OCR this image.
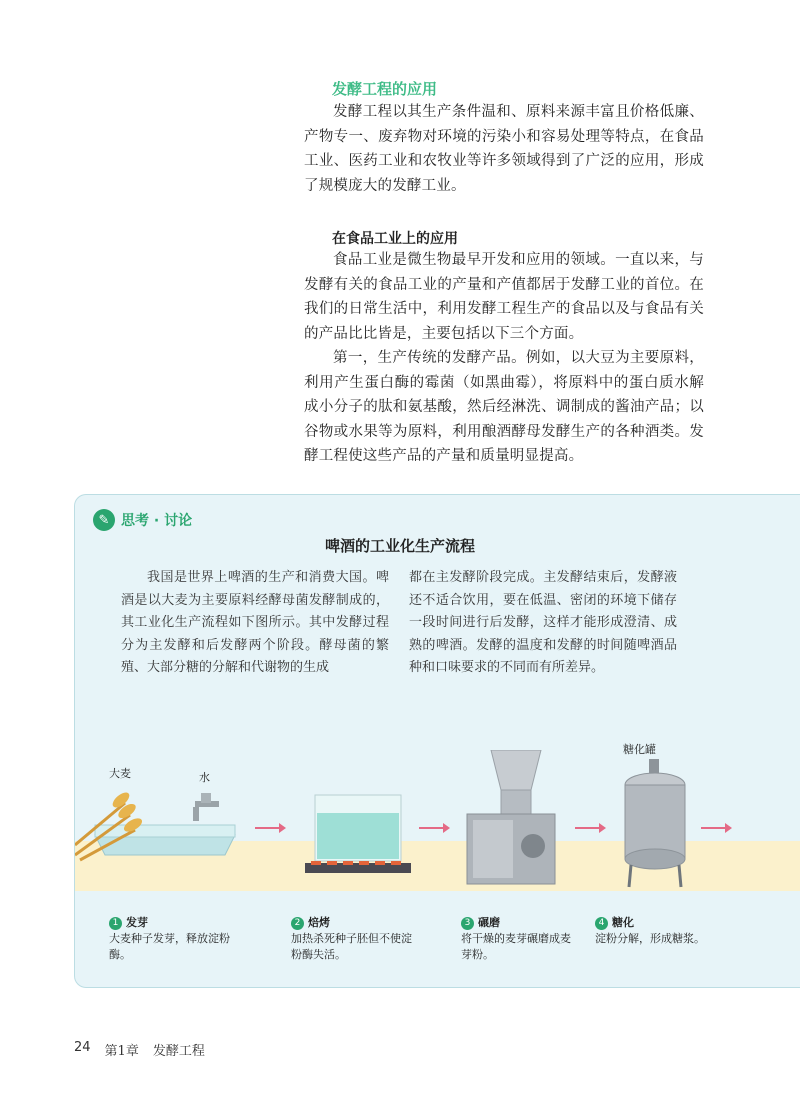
发酵工程的应用

发酵工程以其生产条件温和、原料来源丰富且价格低廉、产物专一、废弃物对环境的污染小和容易处理等特点，在食品工业、医药工业和农牧业等许多领域得到了广泛的应用，形成了规模庞大的发酵工业。

在食品工业上的应用

食品工业是微生物最早开发和应用的领域。一直以来，与发酵有关的食品工业的产量和产值都居于发酵工业的首位。在我们的日常生活中，利用发酵工程生产的食品以及与食品有关的产品比比皆是，主要包括以下三个方面。

第一，生产传统的发酵产品。例如，以大豆为主要原料，利用产生蛋白酶的霉菌（如黑曲霉），将原料中的蛋白质水解成小分子的肽和氨基酸，然后经淋洗、调制成的酱油产品；以谷物或水果等为原料，利用酿酒酵母发酵生产的各种酒类。发酵工程使这些产品的产量和质量明显提高。

✎ 思考 · 讨论
啤酒的工业化生产流程
我国是世界上啤酒的生产和消费大国。啤酒是以大麦为主要原料经酵母菌发酵制成的，其工业化生产流程如下图所示。其中发酵过程分为主发酵和后发酵两个阶段。酵母菌的繁殖、大部分糖的分解和代谢物的生成
都在主发酵阶段完成。主发酵结束后，发酵液还不适合饮用，要在低温、密闭的环境下储存一段时间进行后发酵，这样才能形成澄清、成熟的啤酒。发酵的温度和发酵的时间随啤酒品种和口味要求的不同而有所差异。
大麦	水
糖化罐
1 发芽
大麦种子发芽，释放淀粉酶。
2 焙烤
加热杀死种子胚但不使淀粉酶失活。
3 碾磨
将干燥的麦芽碾磨成麦芽粉。
4 糖化
淀粉分解，形成糖浆。
24 第1章 发酵工程
